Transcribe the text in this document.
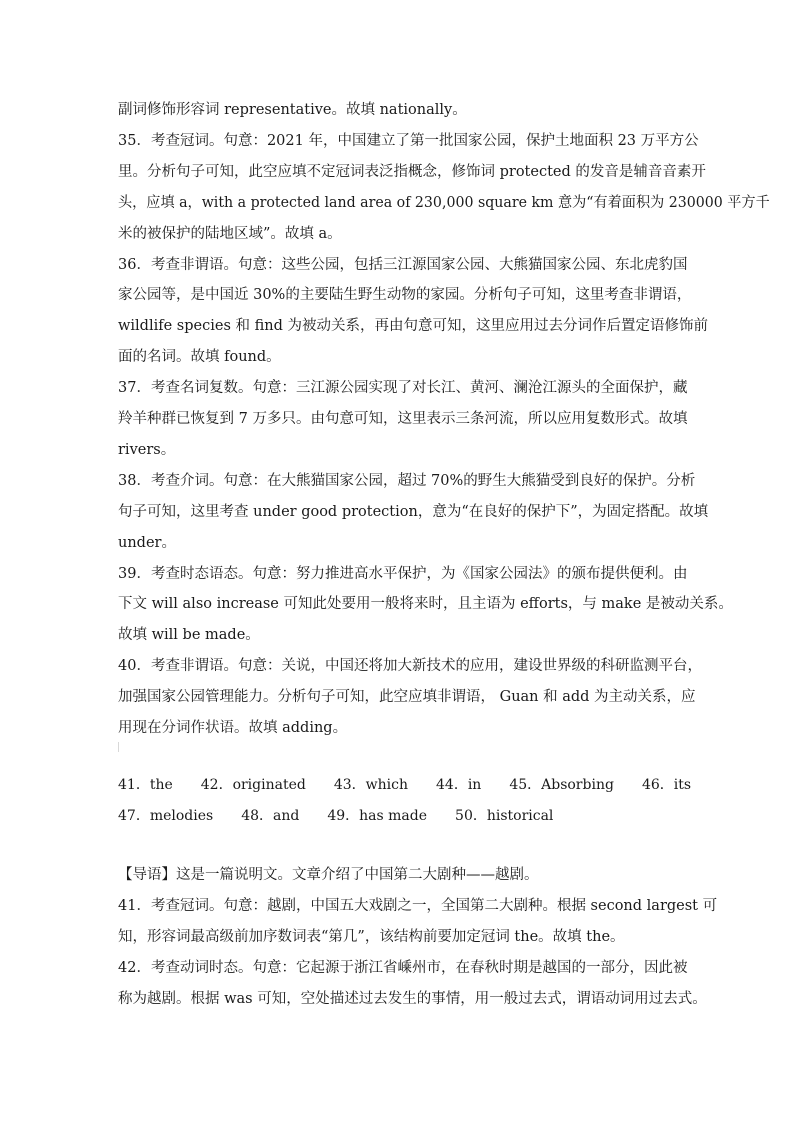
副词修饰形容词 representative。故填 nationally。
35．考查冠词。句意：2021 年，中国建立了第一批国家公园，保护土地面积 23 万平方公
里。分析句子可知，此空应填不定冠词表泛指概念，修饰词 protected 的发音是辅音音素开
头，应填 a，with a protected land area of 230,000 square km 意为“有着面积为 230000 平方千
米的被保护的陆地区域”。故填 a。
36．考查非谓语。句意：这些公园，包括三江源国家公园、大熊猫国家公园、东北虎豹国
家公园等，是中国近 30%的主要陆生野生动物的家园。分析句子可知，这里考查非谓语，
wildlife species 和 find 为被动关系，再由句意可知，这里应用过去分词作后置定语修饰前
面的名词。故填 found。
37．考查名词复数。句意：三江源公园实现了对长江、黄河、澜沧江源头的全面保护，藏
羚羊种群已恢复到 7 万多只。由句意可知，这里表示三条河流，所以应用复数形式。故填
rivers。
38．考查介词。句意：在大熊猫国家公园，超过 70%的野生大熊猫受到良好的保护。分析
句子可知，这里考查 under good protection，意为“在良好的保护下”，为固定搭配。故填
under。
39．考查时态语态。句意：努力推进高水平保护，为《国家公园法》的颁布提供便利。由
下文 will also increase 可知此处要用一般将来时，且主语为 efforts，与 make 是被动关系。
故填 will be made。
40．考查非谓语。句意：关说，中国还将加大新技术的应用，建设世界级的科研监测平台，
加强国家公园管理能力。分析句子可知，此空应填非谓语， Guan 和 add 为主动关系，应
用现在分词作状语。故填 adding。
41．the 42．originated 43．which 44．in 45．Absorbing 46．its
47．melodies 48．and 49．has made 50．historical
【导语】这是一篇说明文。文章介绍了中国第二大剧种——越剧。
41．考查冠词。句意：越剧，中国五大戏剧之一，全国第二大剧种。根据 second largest 可
知，形容词最高级前加序数词表“第几”，该结构前要加定冠词 the。故填 the。
42．考查动词时态。句意：它起源于浙江省嵊州市，在春秋时期是越国的一部分，因此被
称为越剧。根据 was 可知，空处描述过去发生的事情，用一般过去式，谓语动词用过去式。
